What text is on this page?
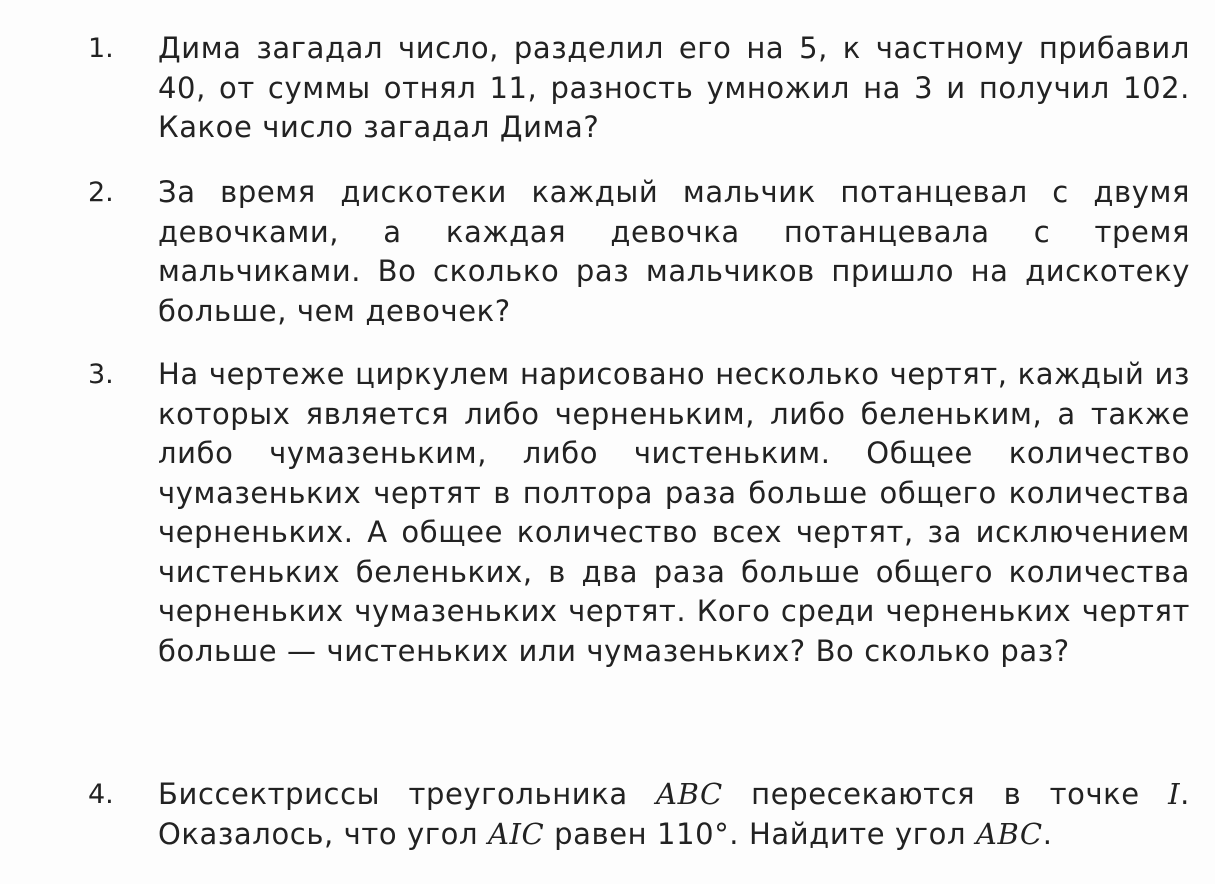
1.	Дима загадал число, разделил его на 5, к частному прибавил 40, от суммы отнял 11, разность умножил на 3 и получил 102. Какое число загадал Дима?
2.	За время дискотеки каждый мальчик потанцевал с двумя девочками, а каждая девочка потанцевала с тремя мальчиками. Во сколько раз мальчиков пришло на дискотеку больше, чем девочек?
3.	На чертеже циркулем нарисовано несколько чертят, каждый из которых является либо черненьким, либо беленьким, а также либо чумазеньким, либо чистеньким. Общее количество чумазеньких чертят в полтора раза больше общего количества черненьких. А общее количество всех чертят, за исключением чистеньких беленьких, в два раза больше общего количества черненьких чумазеньких чертят. Кого среди черненьких чертят больше — чистеньких или чумазеньких? Во сколько раз?
4.	Биссектриссы треугольника ABC пересекаются в точке I. Оказалось, что угол AIC равен 110°. Найдите угол ABC.
